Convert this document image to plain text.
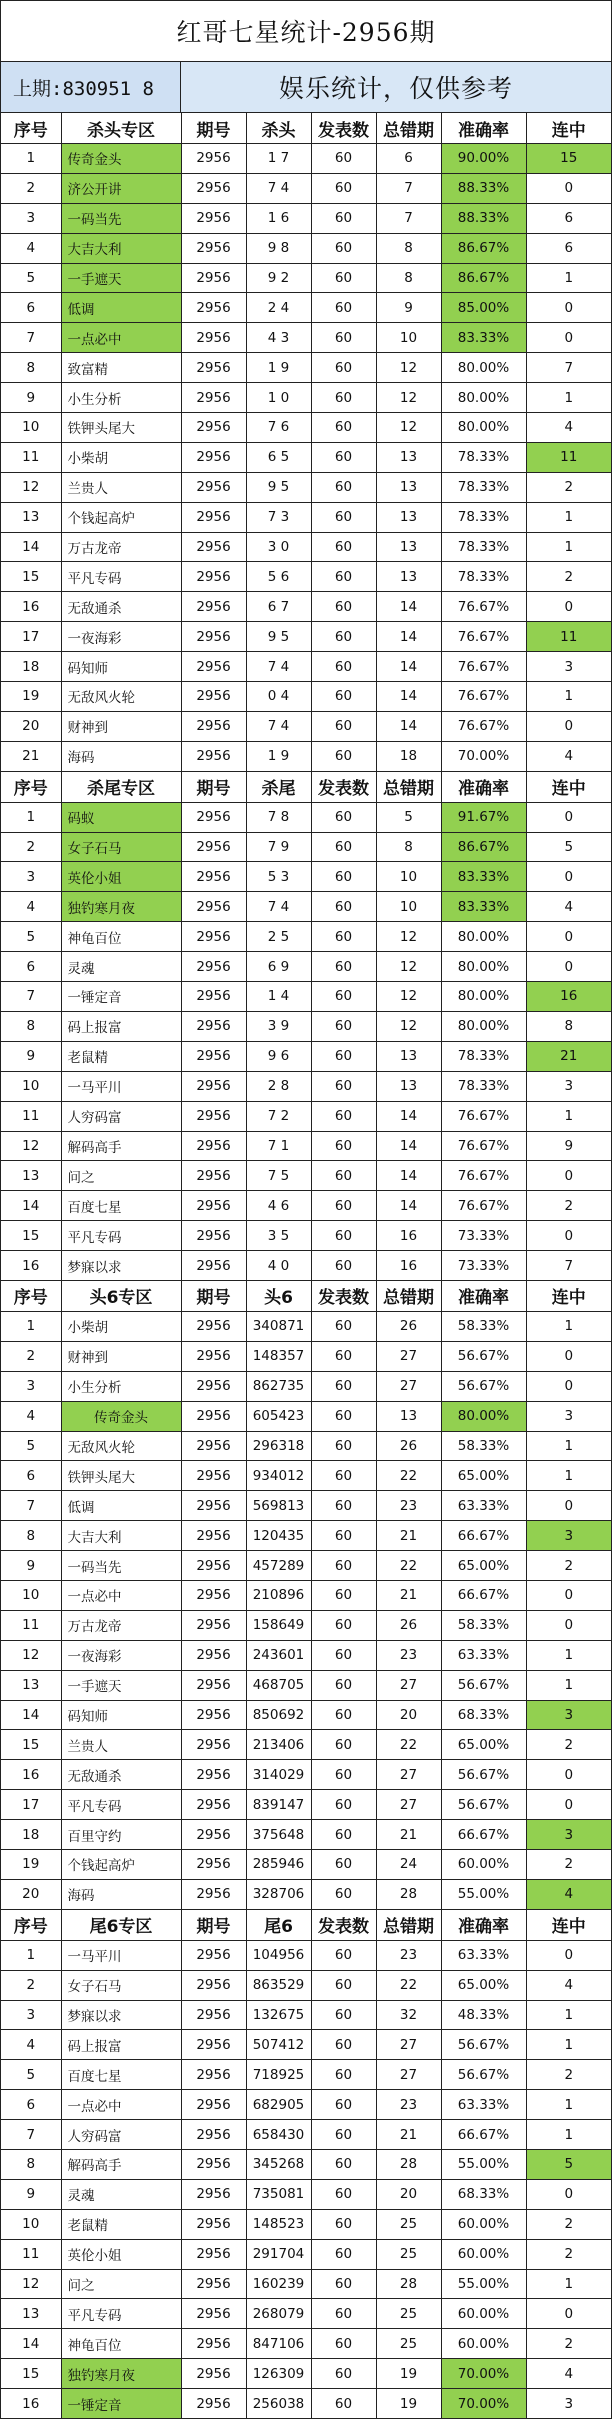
红哥七星统计-2956期
上期:830951 8	娱乐统计，仅供参考
序号	杀头专区	期号	杀头	发表数	总错期	准确率	连中
1	传奇金头	2956	1 7	60	6	90.00%	15
2	济公开讲	2956	7 4	60	7	88.33%	0
3	一码当先	2956	1 6	60	7	88.33%	6
4	大吉大利	2956	9 8	60	8	86.67%	6
5	一手遮天	2956	9 2	60	8	86.67%	1
6	低调	2956	2 4	60	9	85.00%	0
7	一点必中	2956	4 3	60	10	83.33%	0
8	致富精	2956	1 9	60	12	80.00%	7
9	小生分析	2956	1 0	60	12	80.00%	1
10	铁钾头尾大	2956	7 6	60	12	80.00%	4
11	小柴胡	2956	6 5	60	13	78.33%	11
12	兰贵人	2956	9 5	60	13	78.33%	2
13	个钱起高炉	2956	7 3	60	13	78.33%	1
14	万古龙帝	2956	3 0	60	13	78.33%	1
15	平凡专码	2956	5 6	60	13	78.33%	2
16	无敌通杀	2956	6 7	60	14	76.67%	0
17	一夜海彩	2956	9 5	60	14	76.67%	11
18	码知师	2956	7 4	60	14	76.67%	3
19	无敌风火轮	2956	0 4	60	14	76.67%	1
20	财神到	2956	7 4	60	14	76.67%	0
21	海码	2956	1 9	60	18	70.00%	4
序号	杀尾专区	期号	杀尾	发表数	总错期	准确率	连中
1	码蚁	2956	7 8	60	5	91.67%	0
2	女子石马	2956	7 9	60	8	86.67%	5
3	英伦小姐	2956	5 3	60	10	83.33%	0
4	独钓寒月夜	2956	7 4	60	10	83.33%	4
5	神龟百位	2956	2 5	60	12	80.00%	0
6	灵魂	2956	6 9	60	12	80.00%	0
7	一锤定音	2956	1 4	60	12	80.00%	16
8	码上报富	2956	3 9	60	12	80.00%	8
9	老鼠精	2956	9 6	60	13	78.33%	21
10	一马平川	2956	2 8	60	13	78.33%	3
11	人穷码富	2956	7 2	60	14	76.67%	1
12	解码高手	2956	7 1	60	14	76.67%	9
13	问之	2956	7 5	60	14	76.67%	0
14	百度七星	2956	4 6	60	14	76.67%	2
15	平凡专码	2956	3 5	60	16	73.33%	0
16	梦寐以求	2956	4 0	60	16	73.33%	7
序号	头6专区	期号	头6	发表数	总错期	准确率	连中
1	小柴胡	2956	340871	60	26	58.33%	1
2	财神到	2956	148357	60	27	56.67%	0
3	小生分析	2956	862735	60	27	56.67%	0
4	传奇金头	2956	605423	60	13	80.00%	3
5	无敌风火轮	2956	296318	60	26	58.33%	1
6	铁钾头尾大	2956	934012	60	22	65.00%	1
7	低调	2956	569813	60	23	63.33%	0
8	大吉大利	2956	120435	60	21	66.67%	3
9	一码当先	2956	457289	60	22	65.00%	2
10	一点必中	2956	210896	60	21	66.67%	0
11	万古龙帝	2956	158649	60	26	58.33%	0
12	一夜海彩	2956	243601	60	23	63.33%	1
13	一手遮天	2956	468705	60	27	56.67%	1
14	码知师	2956	850692	60	20	68.33%	3
15	兰贵人	2956	213406	60	22	65.00%	2
16	无敌通杀	2956	314029	60	27	56.67%	0
17	平凡专码	2956	839147	60	27	56.67%	0
18	百里守约	2956	375648	60	21	66.67%	3
19	个钱起高炉	2956	285946	60	24	60.00%	2
20	海码	2956	328706	60	28	55.00%	4
序号	尾6专区	期号	尾6	发表数	总错期	准确率	连中
1	一马平川	2956	104956	60	23	63.33%	0
2	女子石马	2956	863529	60	22	65.00%	4
3	梦寐以求	2956	132675	60	32	48.33%	1
4	码上报富	2956	507412	60	27	56.67%	1
5	百度七星	2956	718925	60	27	56.67%	2
6	一点必中	2956	682905	60	23	63.33%	1
7	人穷码富	2956	658430	60	21	66.67%	1
8	解码高手	2956	345268	60	28	55.00%	5
9	灵魂	2956	735081	60	20	68.33%	0
10	老鼠精	2956	148523	60	25	60.00%	2
11	英伦小姐	2956	291704	60	25	60.00%	2
12	问之	2956	160239	60	28	55.00%	1
13	平凡专码	2956	268079	60	25	60.00%	0
14	神龟百位	2956	847106	60	25	60.00%	2
15	独钓寒月夜	2956	126309	60	19	70.00%	4
16	一锤定音	2956	256038	60	19	70.00%	3
